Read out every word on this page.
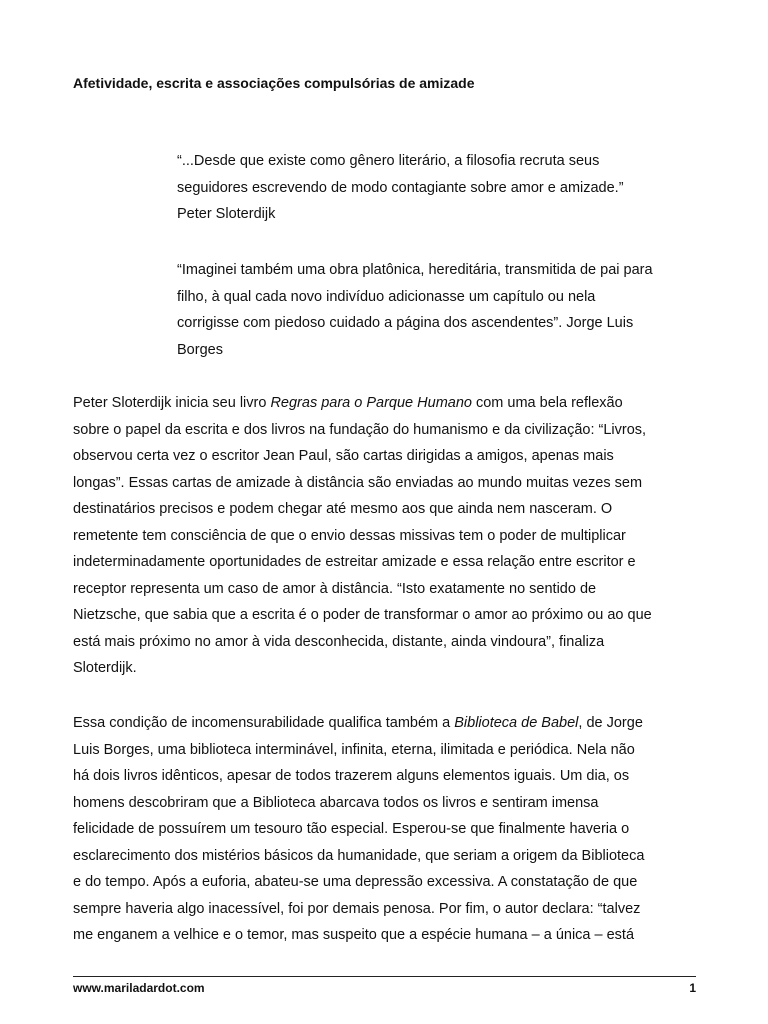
Afetividade, escrita e associações compulsórias de amizade

“...Desde que existe como gênero literário, a filosofia recruta seus

seguidores escrevendo de modo contagiante sobre amor e amizade.”

Peter Sloterdijk

“Imaginei também uma obra platônica, hereditária, transmitida de pai para

filho, à qual cada novo indivíduo adicionasse um capítulo ou nela

corrigisse com piedoso cuidado a página dos ascendentes”. Jorge Luis

Borges

Peter Sloterdijk inicia seu livro Regras para o Parque Humano com uma bela reflexão

sobre o papel da escrita e dos livros na fundação do humanismo e da civilização: “Livros,

observou certa vez o escritor Jean Paul, são cartas dirigidas a amigos, apenas mais

longas”. Essas cartas de amizade à distância são enviadas ao mundo muitas vezes sem

destinatários precisos e podem chegar até mesmo aos que ainda nem nasceram. O

remetente tem consciência de que o envio dessas missivas tem o poder de multiplicar

indeterminadamente oportunidades de estreitar amizade e essa relação entre escritor e

receptor representa um caso de amor à distância. “Isto exatamente no sentido de

Nietzsche, que sabia que a escrita é o poder de transformar o amor ao próximo ou ao que

está mais próximo no amor à vida desconhecida, distante, ainda vindoura”, finaliza

Sloterdijk.

Essa condição de incomensurabilidade qualifica também a Biblioteca de Babel, de Jorge

Luis Borges, uma biblioteca interminável, infinita, eterna, ilimitada e periódica. Nela não

há dois livros idênticos, apesar de todos trazerem alguns elementos iguais. Um dia, os

homens descobriram que a Biblioteca abarcava todos os livros e sentiram imensa

felicidade de possuírem um tesouro tão especial. Esperou-se que finalmente haveria o

esclarecimento dos mistérios básicos da humanidade, que seriam a origem da Biblioteca

e do tempo. Após a euforia, abateu-se uma depressão excessiva. A constatação de que

sempre haveria algo inacessível, foi por demais penosa. Por fim, o autor declara: “talvez

me enganem a velhice e o temor, mas suspeito que a espécie humana – a única – está

www.mariladardot.com	1
